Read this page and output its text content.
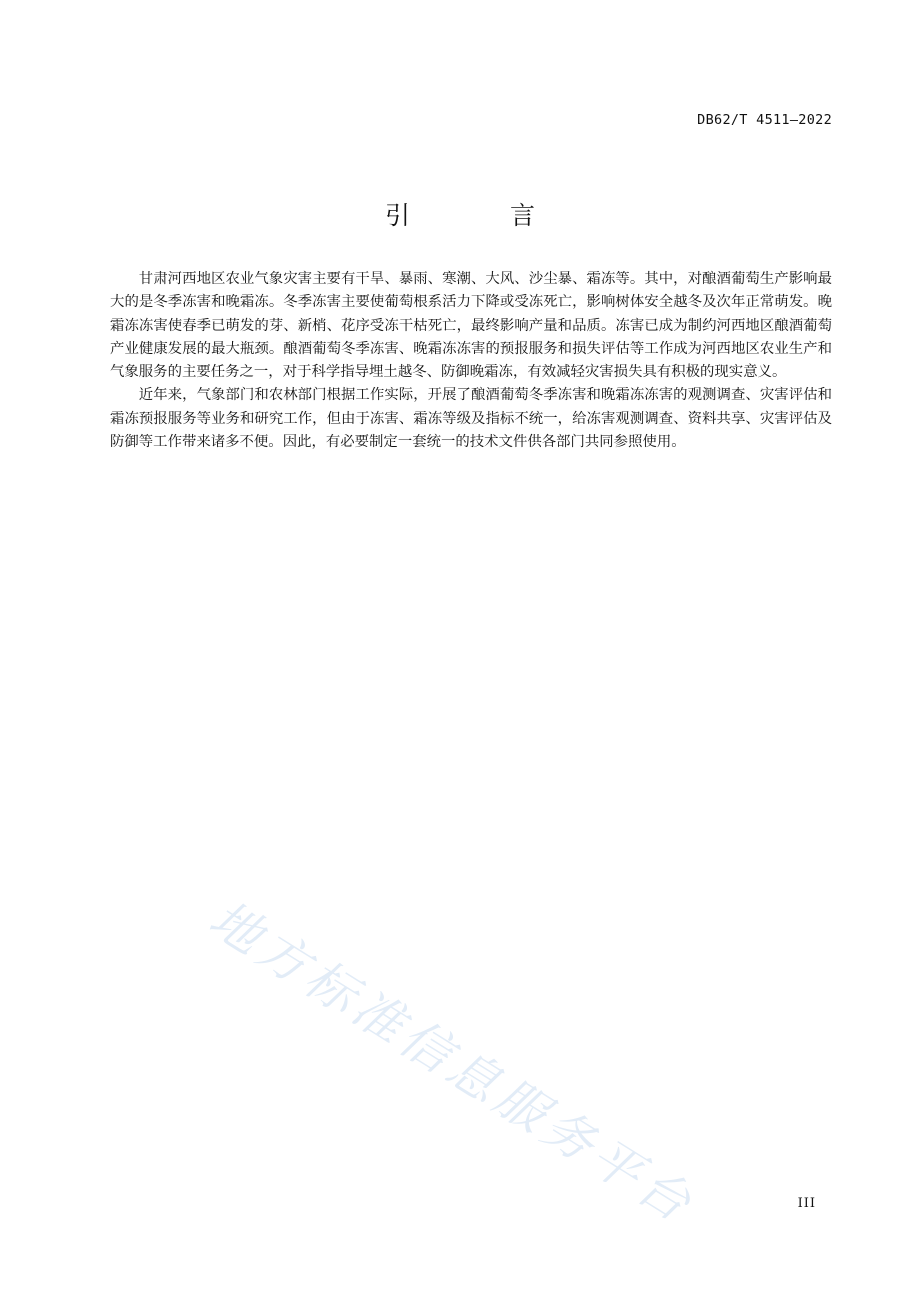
DB62/T 4511—2022
引 言

甘肃河西地区农业气象灾害主要有干旱、暴雨、寒潮、大风、沙尘暴、霜冻等。其中，对酿酒葡萄生产影响最大的是冬季冻害和晚霜冻。冬季冻害主要使葡萄根系活力下降或受冻死亡，影响树体安全越冬及次年正常萌发。晚霜冻冻害使春季已萌发的芽、新梢、花序受冻干枯死亡，最终影响产量和品质。冻害已成为制约河西地区酿酒葡萄产业健康发展的最大瓶颈。酿酒葡萄冬季冻害、晚霜冻冻害的预报服务和损失评估等工作成为河西地区农业生产和气象服务的主要任务之一，对于科学指导埋土越冬、防御晚霜冻，有效减轻灾害损失具有积极的现实意义。

近年来，气象部门和农林部门根据工作实际，开展了酿酒葡萄冬季冻害和晚霜冻冻害的观测调查、灾害评估和霜冻预报服务等业务和研究工作，但由于冻害、霜冻等级及指标不统一，给冻害观测调查、资料共享、灾害评估及防御等工作带来诸多不便。因此，有必要制定一套统一的技术文件供各部门共同参照使用。

地方标准信息服务平台	III
